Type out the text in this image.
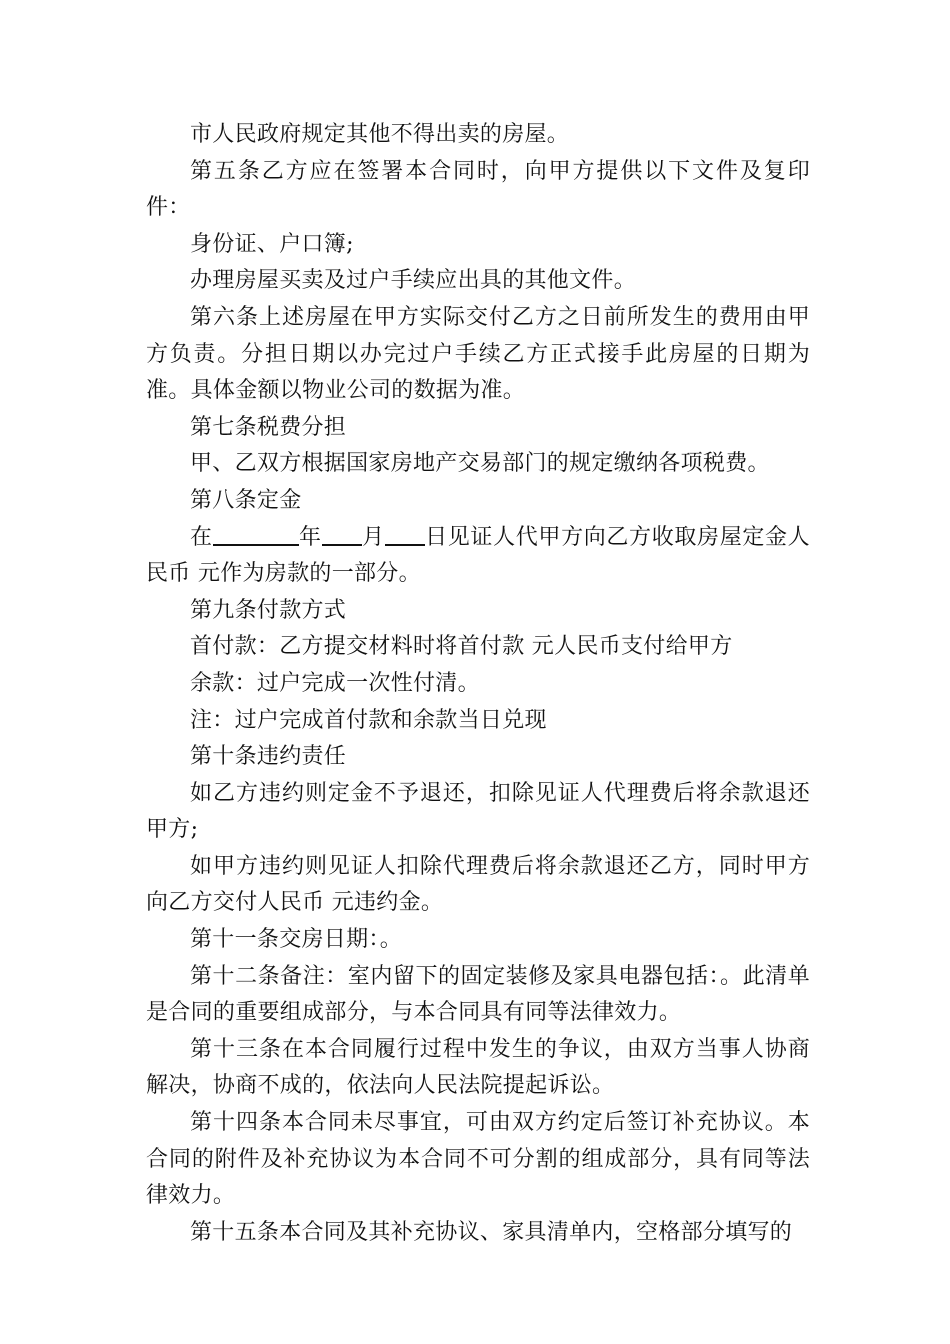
市人民政府规定其他不得出卖的房屋。

第五条乙方应在签署本合同时，向甲方提供以下文件及复印件：

身份证、户口簿;

办理房屋买卖及过户手续应出具的其他文件。

第六条上述房屋在甲方实际交付乙方之日前所发生的费用由甲方负责。分担日期以办完过户手续乙方正式接手此房屋的日期为准。具体金额以物业公司的数据为准。

第七条税费分担

甲、乙双方根据国家房地产交易部门的规定缴纳各项税费。

第八条定金

在	年 月 日见证人代甲方向乙方收取房屋定金人民币 元作为房款的一部分。

第九条付款方式

首付款：乙方提交材料时将首付款 元人民币支付给甲方

余款：过户完成一次性付清。

注：过户完成首付款和余款当日兑现

第十条违约责任

如乙方违约则定金不予退还，扣除见证人代理费后将余款退还甲方;

如甲方违约则见证人扣除代理费后将余款退还乙方，同时甲方向乙方交付人民币 元违约金。

第十一条交房日期：。

第十二条备注：室内留下的固定装修及家具电器包括：。此清单是合同的重要组成部分，与本合同具有同等法律效力。

第十三条在本合同履行过程中发生的争议，由双方当事人协商解决，协商不成的，依法向人民法院提起诉讼。

第十四条本合同未尽事宜，可由双方约定后签订补充协议。本合同的附件及补充协议为本合同不可分割的组成部分，具有同等法律效力。

第十五条本合同及其补充协议、家具清单内，空格部分填写的
